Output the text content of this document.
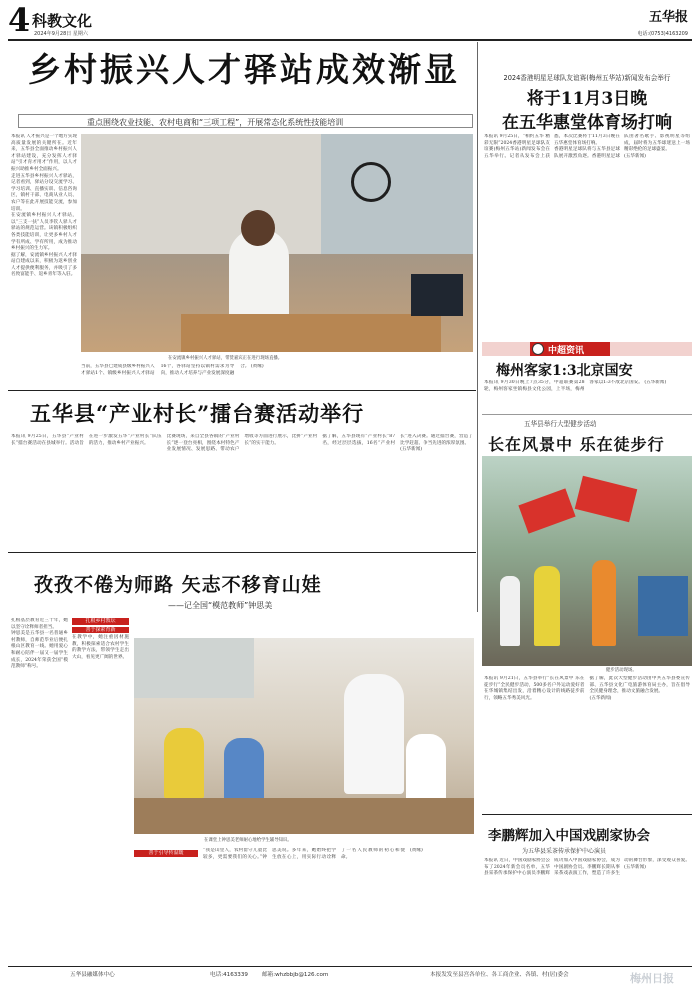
4 科教文化
2024年9月28日 星期六
五华报
电话:(0753)4163209
乡村振兴人才驿站成效渐显
重点围绕农业技能、农村电商和“三项工程”，开展常态化系统性技能培训

本报讯 人才振兴是一个地方实现高质量发展的关键所在。近年来，五华县全面推动乡村振兴人才驿站建设，充分发挥人才驿站“引才育才用才”作用，以人才振兴助推乡村全面振兴。

走进五华县乡村振兴人才驿站，记者看到，驿站分设交流学习、学习培训、直播实训、信息咨询区，镇村干部、电商从业人员、农户等在此开展技能交流，参加培训。

在安流镇乡村振兴人才驿站，以“三支一扶”人员李钦人驿人才驿站的规范运营。该镇积极组织各类技能培训，让更多乡村人才学有所成、学有所用，成为推动乡村振兴的生力军。

据了解，安流镇乡村振兴人才驿站自建成以来，积极为返乡创业人才提供便利服务，并吸引了多名致富能手、返乡青年等入驻。

在安流镇乡村振兴人才驿站，带货嘉宾正在进行现场直播。
当前，五华县已建成县级乡村振兴人才驿站1个、镇级乡村振兴人才驿站16个，各驿站坚持以镇村需求为导向，推动人才培养与产业发展深度融合。 (黄缘)
2024香港明星足球队友谊赛(梅州五华站)新闻发布会举行
将于11月3日晚
在五华惠堂体育场打响

本报讯 9月25日，“相约五华 精彩无限”2024香港明星足球队友谊赛(梅州五华站)新闻发布会在五华举行。记者从发布会上获悉，本次比赛将于11月3日晚在五华惠堂体育场打响。

香港明星足球队将与五华县足球队展开激烈角逐。香港明星足球队由著名歌手、影视明星等组成，届时将为五华球迷送上一场精彩绝伦的足球盛宴。

(五华新闻)

中超资讯
梅州客家1:3北京国安
本报讯 9月30日晚上7点35分，中超联赛第28轮，梅州客家坐镇梅县文化公园，上半场，梅州客家以1:3不敌北京国安。 (五华新闻)
五华县举行大型健步活动
长在风景中 乐在徒步行
健步活动现场。

本报讯 9月21日，五华县举行“长在风景中 乐在徒步行”全民健步活动，500多名户外运动爱好者在华城镇集结出发，沿着精心设计的线路徒步前行，领略五华秀美风光。

据了解，此次大型健步活动由中共五华县委宣传部、五华县文化广电旅游体育局主办，旨在倡导全民健身理念，推动文旅融合发展。

(五华新闻)

五华县“产业村长”擂台赛活动举行

本报讯 9月25日，五华县“产业村长”擂台赛活动在县城举行。活动旨在进一步激发五华“产业村长”队伍的活力，推动乡村产业振兴。

比赛现场，来自全县各镇的“产业村长”逐一登台亮相，围绕本村特色产业发展情况、发展思路、带动农户增收等方面进行展示，比拼“产业村长”的实干能力。

据了解，五华县现有“产业村长”87名，经过层层选拔，16名“产业村长”进入决赛。通过擂台赛，营造了比学赶超、争当先进的浓厚氛围。

(五华新闻)

孜孜不倦为师路 矢志不移育山娃
——记全国“模范教师”钟思美

扎根基层教育近三十年，她以坚守诠释师者担当。

钟思美是五华县一名普通乡村教师，自师范毕业后便扎根山区教育一线。她用爱心和耐心陪伴一届又一届学生成长，2024年荣获全国“模范教师”称号。

扎根乡村教坛
善于探索育新

在教学中，她注重因材施教，积极探索适合农村学生的教学方法，带领学生走出大山，看见更广阔的世界。

在课堂上钟思美老师耐心地给学生辅导知识。
善于引导传温暖	“我是山里人，农村留守儿童比较多，更需要我们的关心。”钟思美说。多年来，她始终把学生放在心上，用实际行动诠释了一名人民教师的初心和使命。

(黄缘)

李鹏辉加入中国戏剧家协会
为五华县采茶传承保护中心演员
本报讯 近日，中国戏剧家协会公布了2024年新会员名单，五华县采茶传承保护中心演员李鹏辉成功加入中国戏剧家协会，成为中国剧协会员。李鹏辉长期从事采茶戏表演工作，塑造了许多生动的舞台形象，深受观众喜爱。 (五华新闻)
五华县融媒体中心	电话:4163339	邮箱:whzbbjb@126.com	本报发发至县宫各单位、各工商企业、各镇、村(居)委会	梅州日报
